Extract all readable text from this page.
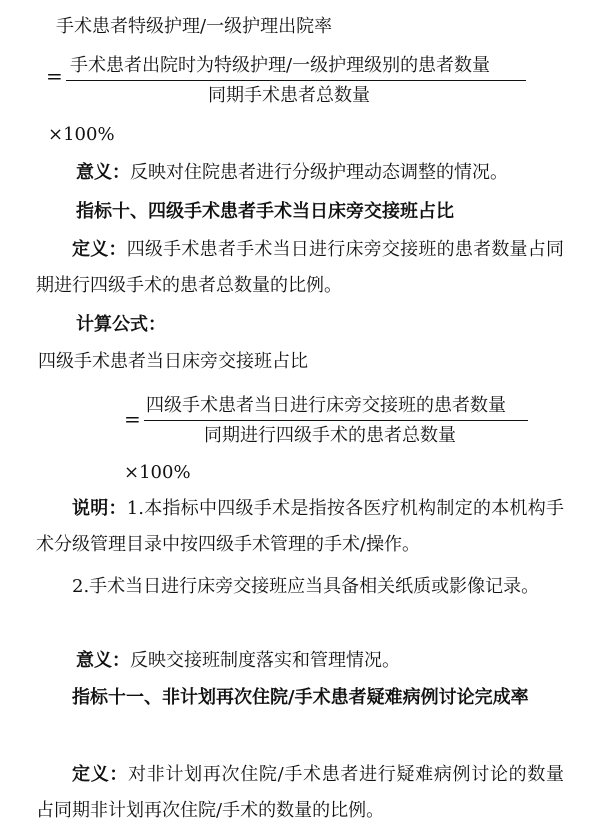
手术患者特级护理/一级护理出院率
= 手术患者出院时为特级护理/一级护理级别的患者数量
同期手术患者总数量
×100%
意义：反映对住院患者进行分级护理动态调整的情况。
指标十、四级手术患者手术当日床旁交接班占比
定义：四级手术患者手术当日进行床旁交接班的患者数量占同期进行四级手术的患者总数量的比例。
计算公式：
四级手术患者当日床旁交接班占比
=
四级手术患者当日进行床旁交接班的患者数量
同期进行四级手术的患者总数量
×100%
说明：1.本指标中四级手术是指按各医疗机构制定的本机构手术分级管理目录中按四级手术管理的手术/操作。
2.手术当日进行床旁交接班应当具备相关纸质或影像记录。
意义：反映交接班制度落实和管理情况。
指标十一、非计划再次住院/手术患者疑难病例讨论完成率
定义：对非计划再次住院/手术患者进行疑难病例讨论的数量占同期非计划再次住院/手术的数量的比例。
